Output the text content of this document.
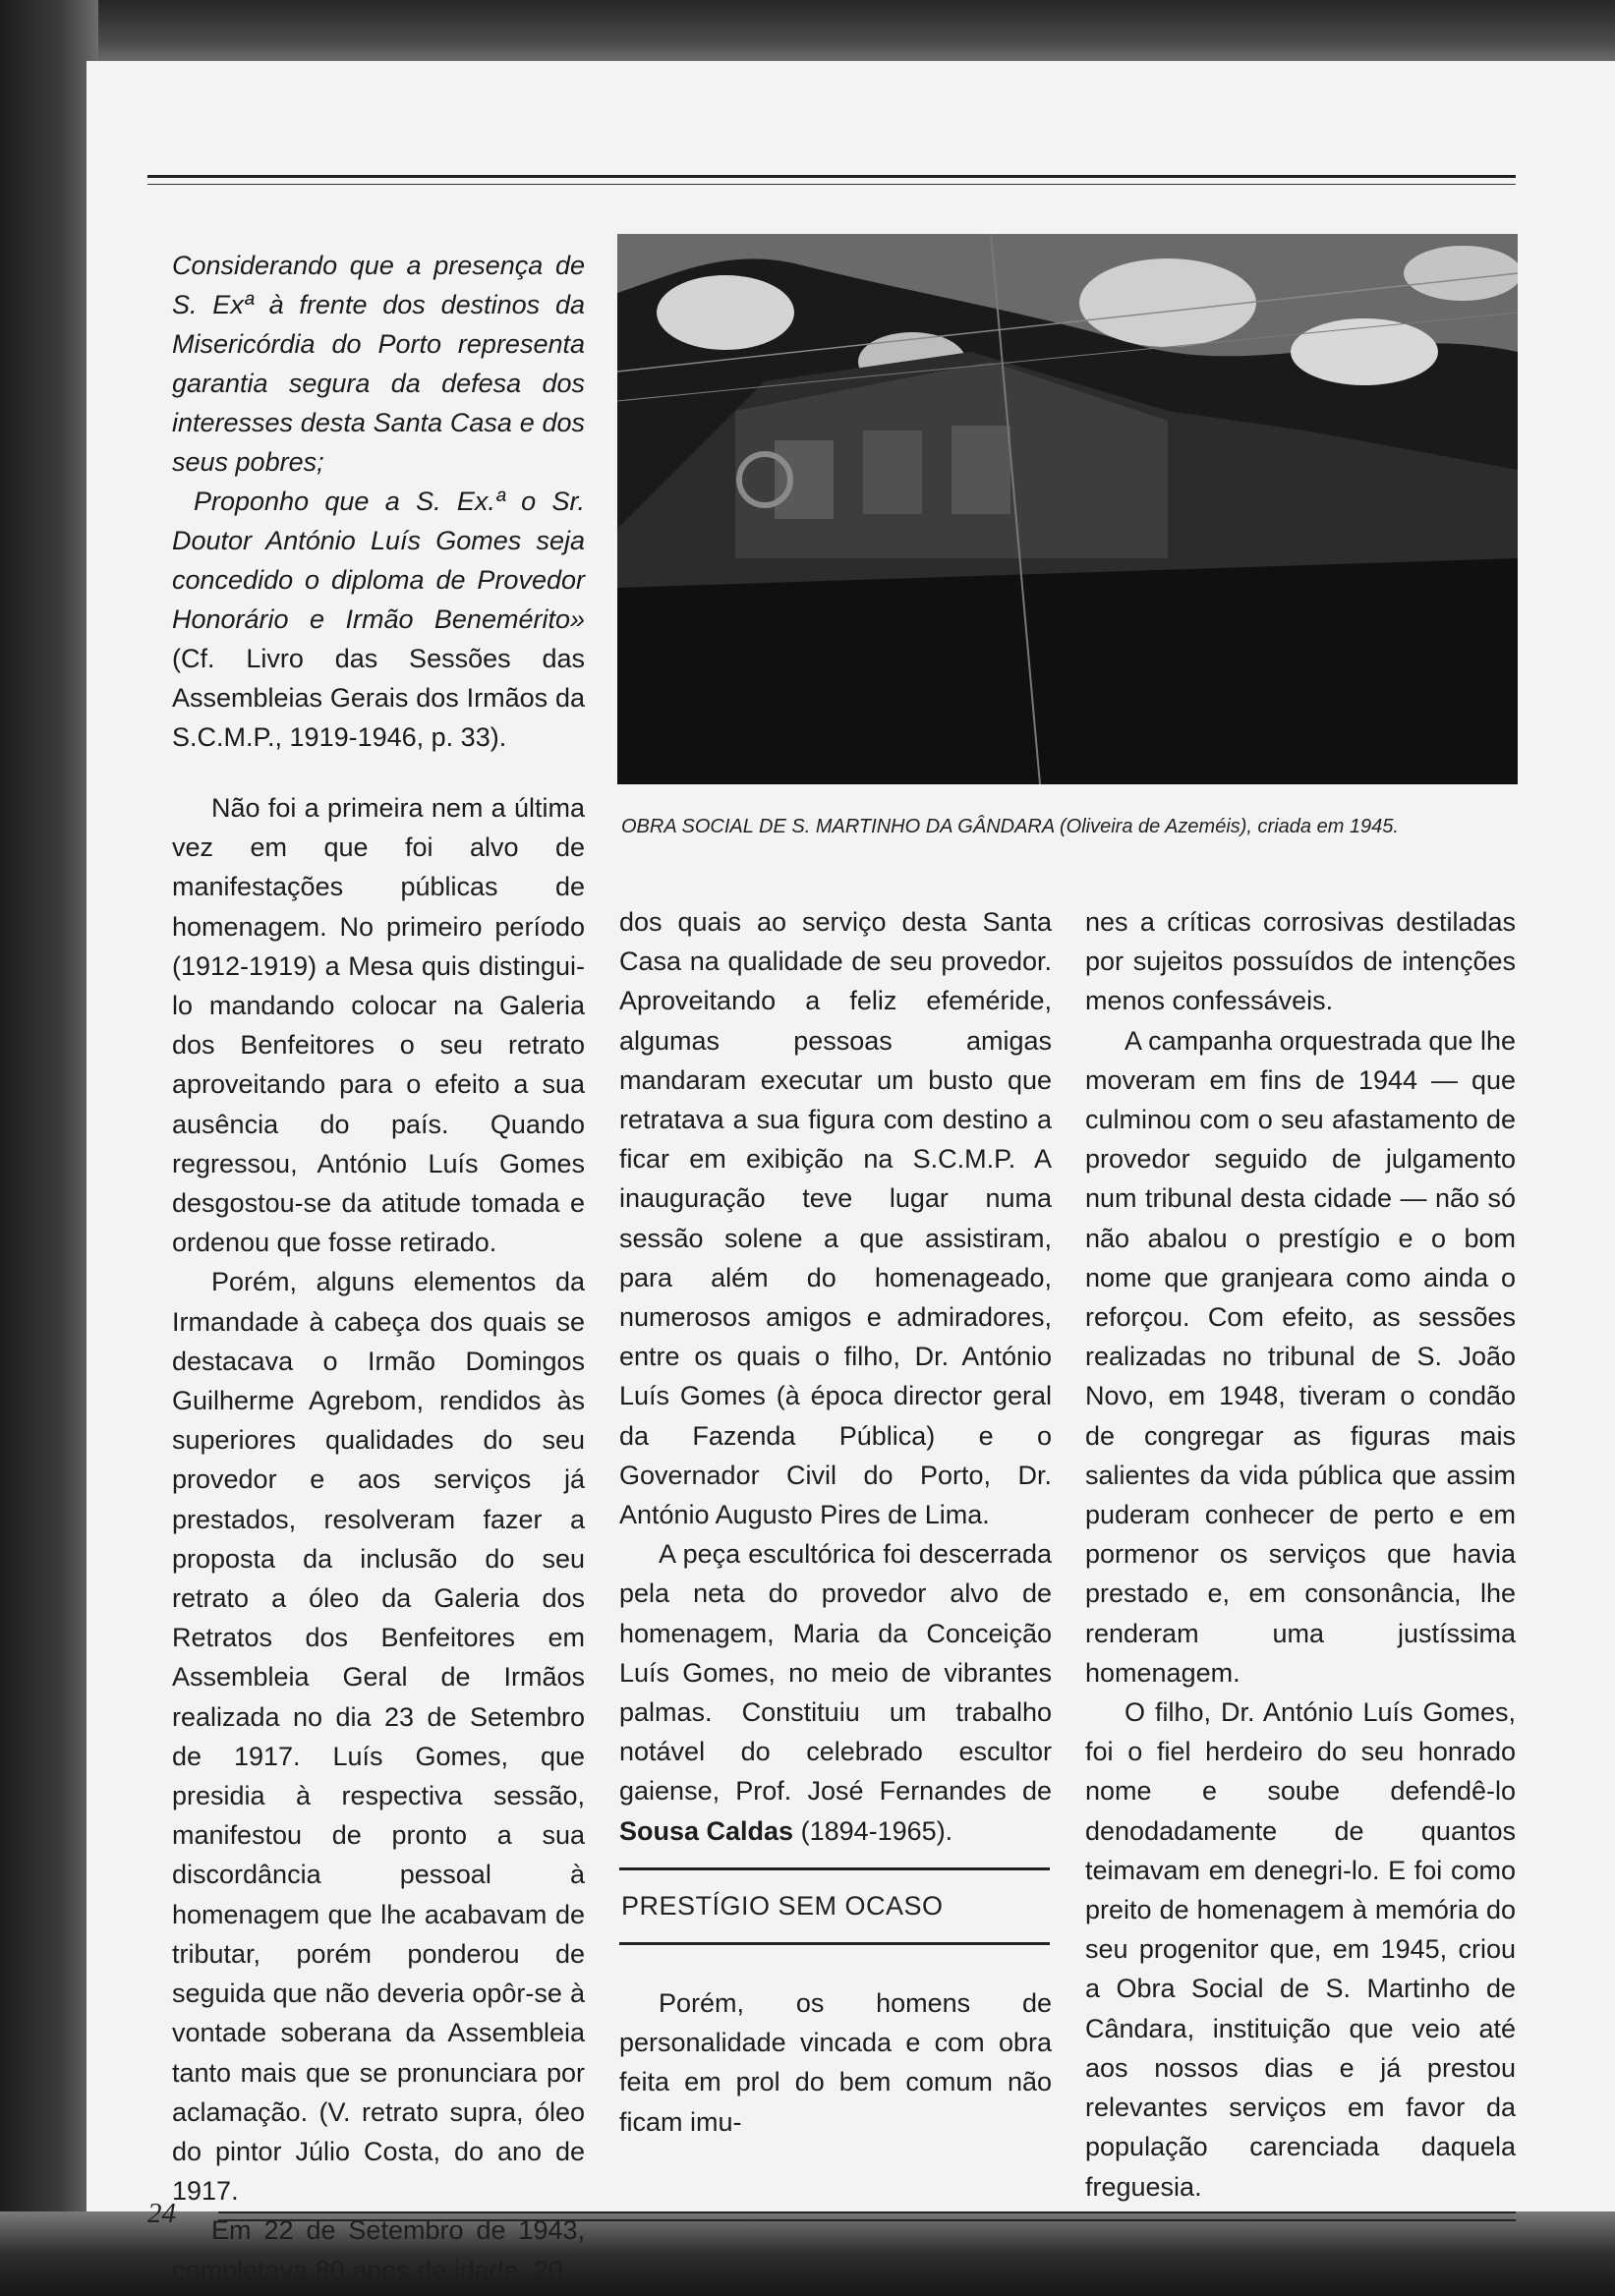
Considerando que a presença de S. Exª à frente dos destinos da Misericórdia do Porto representa garantia segura da defesa dos interesses desta Santa Casa e dos seus pobres;

Proponho que a S. Ex.ª o Sr. Doutor António Luís Gomes seja concedido o diploma de Provedor Honorário e Irmão Benemérito» (Cf. Livro das Sessões das Assembleias Gerais dos Irmãos da S.C.M.P., 1919-1946, p. 33).

Não foi a primeira nem a última vez em que foi alvo de manifestações públicas de homenagem. No primeiro período (1912-1919) a Mesa quis distingui-lo mandando colocar na Galeria dos Benfeitores o seu retrato aproveitando para o efeito a sua ausência do país. Quando regressou, António Luís Gomes desgostou-se da atitude tomada e ordenou que fosse retirado.

Porém, alguns elementos da Irmandade à cabeça dos quais se destacava o Irmão Domingos Guilherme Agrebom, rendidos às superiores qualidades do seu provedor e aos serviços já prestados, resolveram fazer a proposta da inclusão do seu retrato a óleo da Galeria dos Retratos dos Benfeitores em Assembleia Geral de Irmãos realizada no dia 23 de Setembro de 1917. Luís Gomes, que presidia à respectiva sessão, manifestou de pronto a sua discordância pessoal à homenagem que lhe acabavam de tributar, porém ponderou de seguida que não deveria opôr-se à vontade soberana da Assembleia tanto mais que se pronunciara por aclamação. (V. retrato supra, óleo do pintor Júlio Costa, do ano de 1917.

Em 22 de Setembro de 1943, completava 80 anos de idade, 20

OBRA SOCIAL DE S. MARTINHO DA GÂNDARA (Oliveira de Azeméis), criada em 1945.

dos quais ao serviço desta Santa Casa na qualidade de seu provedor. Aproveitando a feliz efeméride, algumas pessoas amigas mandaram executar um busto que retratava a sua figura com destino a ficar em exibição na S.C.M.P. A inauguração teve lugar numa sessão solene a que assistiram, para além do homenageado, numerosos amigos e admiradores, entre os quais o filho, Dr. António Luís Gomes (à época director geral da Fazenda Pública) e o Governador Civil do Porto, Dr. António Augusto Pires de Lima.

A peça escultórica foi descerrada pela neta do provedor alvo de homenagem, Maria da Conceição Luís Gomes, no meio de vibrantes palmas. Constituiu um trabalho notável do celebrado escultor gaiense, Prof. José Fernandes de Sousa Caldas (1894-1965).

PRESTÍGIO SEM OCASO

Porém, os homens de personalidade vincada e com obra feita em prol do bem comum não ficam imu-

nes a críticas corrosivas destiladas por sujeitos possuídos de intenções menos confessáveis.

A campanha orquestrada que lhe moveram em fins de 1944 — que culminou com o seu afastamento de provedor seguido de julgamento num tribunal desta cidade — não só não abalou o prestígio e o bom nome que granjeara como ainda o reforçou. Com efeito, as sessões realizadas no tribunal de S. João Novo, em 1948, tiveram o condão de congregar as figuras mais salientes da vida pública que assim puderam conhecer de perto e em pormenor os serviços que havia prestado e, em consonância, lhe renderam uma justíssima homenagem.

O filho, Dr. António Luís Gomes, foi o fiel herdeiro do seu honrado nome e soube defendê-lo denodadamente de quantos teimavam em denegri-lo. E foi como preito de homenagem à memória do seu progenitor que, em 1945, criou a Obra Social de S. Martinho de Cândara, instituição que veio até aos nossos dias e já prestou relevantes serviços em favor da população carenciada daquela freguesia.

24
